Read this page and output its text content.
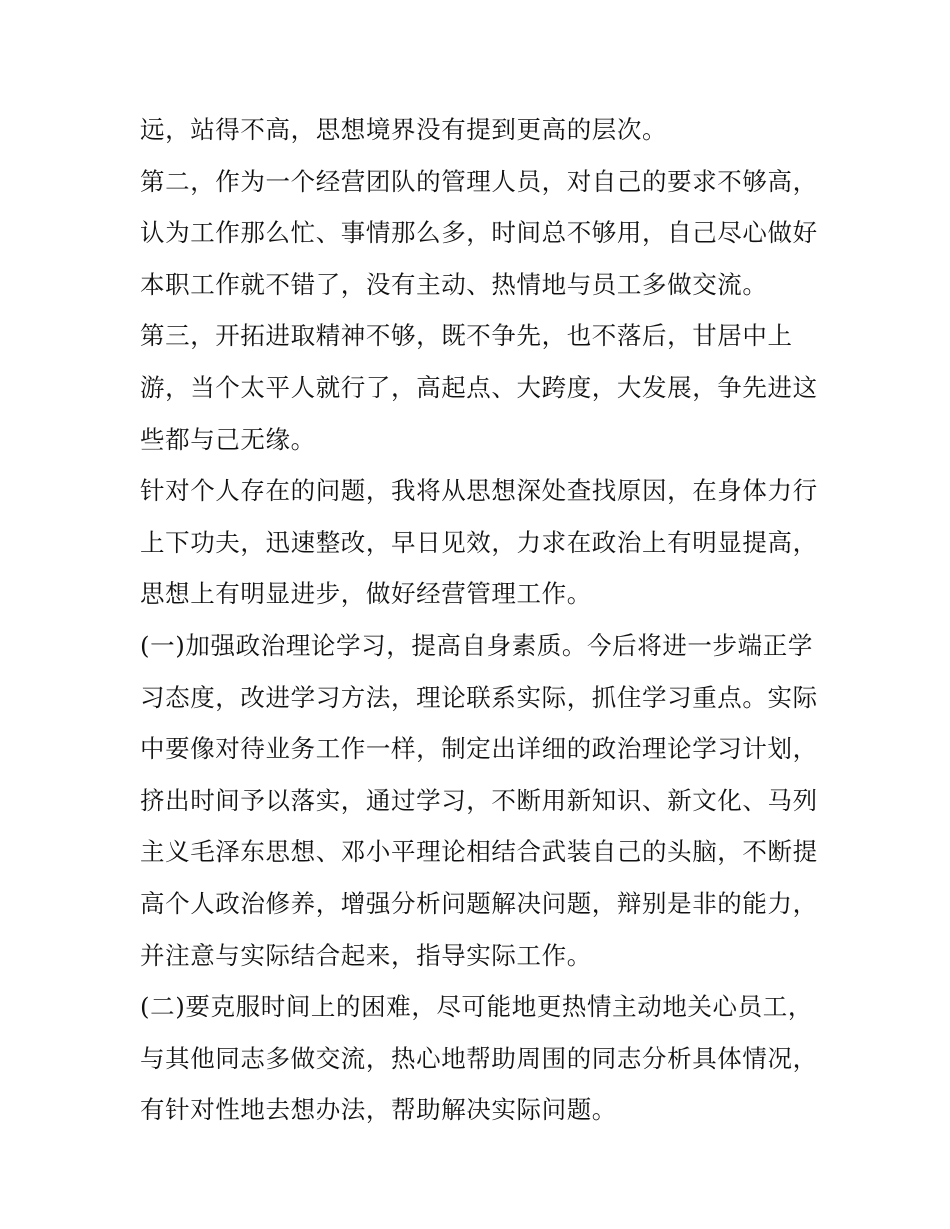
远，站得不高，思想境界没有提到更高的层次。
第二，作为一个经营团队的管理人员，对自己的要求不够高，
认为工作那么忙、事情那么多，时间总不够用，自己尽心做好
本职工作就不错了，没有主动、热情地与员工多做交流。
第三，开拓进取精神不够，既不争先，也不落后，甘居中上
游，当个太平人就行了，高起点、大跨度，大发展，争先进这
些都与己无缘。
针对个人存在的问题，我将从思想深处查找原因，在身体力行
上下功夫，迅速整改，早日见效，力求在政治上有明显提高，
思想上有明显进步，做好经营管理工作。
(一)加强政治理论学习，提高自身素质。今后将进一步端正学
习态度，改进学习方法，理论联系实际，抓住学习重点。实际
中要像对待业务工作一样，制定出详细的政治理论学习计划，
挤出时间予以落实，通过学习，不断用新知识、新文化、马列
主义毛泽东思想、邓小平理论相结合武装自己的头脑，不断提
高个人政治修养，增强分析问题解决问题，辩别是非的能力，
并注意与实际结合起来，指导实际工作。
(二)要克服时间上的困难，尽可能地更热情主动地关心员工，
与其他同志多做交流，热心地帮助周围的同志分析具体情况，
有针对性地去想办法，帮助解决实际问题。
